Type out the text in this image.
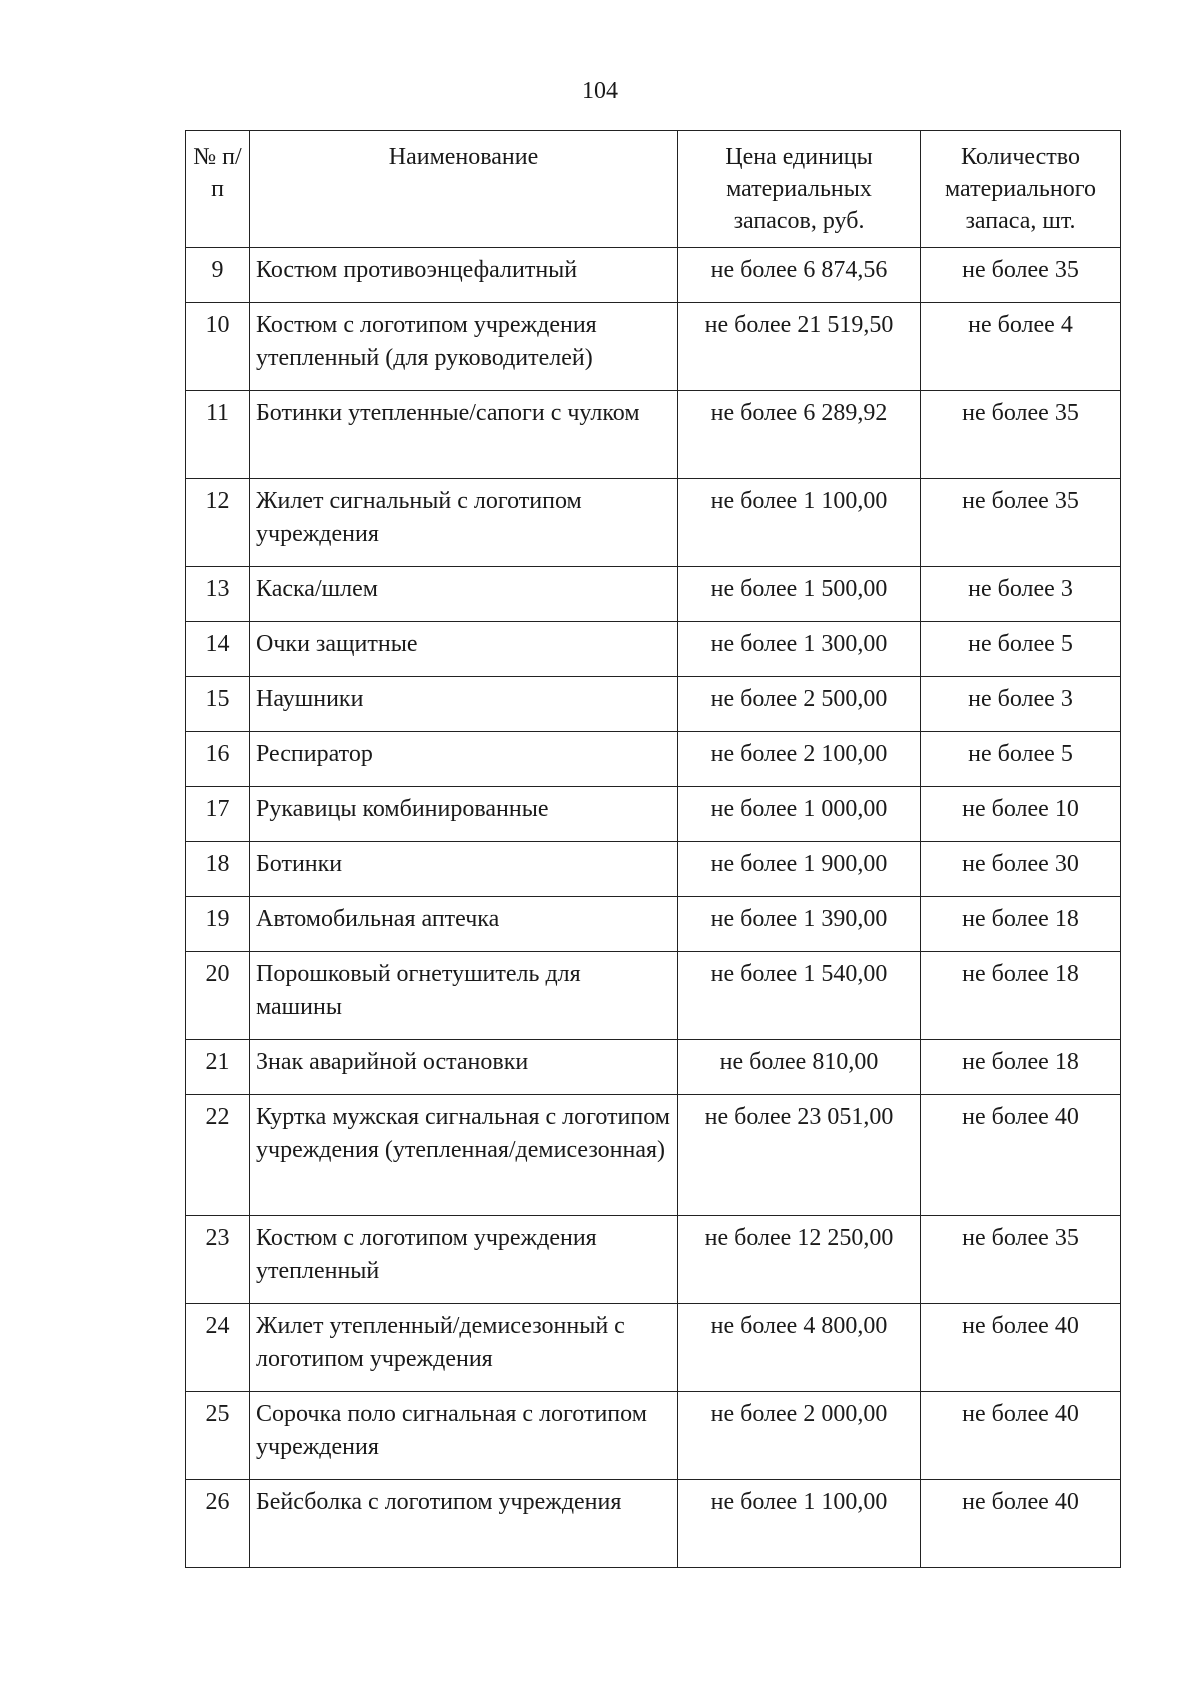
104
№ п/п	Наименование	Цена единицы материальных запасов, руб.	Количество материального запаса, шт.
9	Костюм противоэнцефалитный	не более 6 874,56	не более 35
10	Костюм с логотипом учреждения утепленный (для руководителей)	не более 21 519,50	не более 4
11	Ботинки утепленные/сапоги с чулком	не более 6 289,92	не более 35
12	Жилет сигнальный с логотипом учреждения	не более 1 100,00	не более 35
13	Каска/шлем	не более 1 500,00	не более 3
14	Очки защитные	не более 1 300,00	не более 5
15	Наушники	не более 2 500,00	не более 3
16	Респиратор	не более 2 100,00	не более 5
17	Рукавицы комбинированные	не более 1 000,00	не более 10
18	Ботинки	не более 1 900,00	не более 30
19	Автомобильная аптечка	не более 1 390,00	не более 18
20	Порошковый огнетушитель для машины	не более 1 540,00	не более 18
21	Знак аварийной остановки	не более 810,00	не более 18
22	Куртка мужская сигнальная с логотипом учреждения (утепленная/демисезонная)	не более 23 051,00	не более 40
23	Костюм с логотипом учреждения утепленный	не более 12 250,00	не более 35
24	Жилет утепленный/демисезонный с логотипом учреждения	не более 4 800,00	не более 40
25	Сорочка поло сигнальная с логотипом учреждения	не более 2 000,00	не более 40
26	Бейсболка с логотипом учреждения	не более 1 100,00	не более 40
